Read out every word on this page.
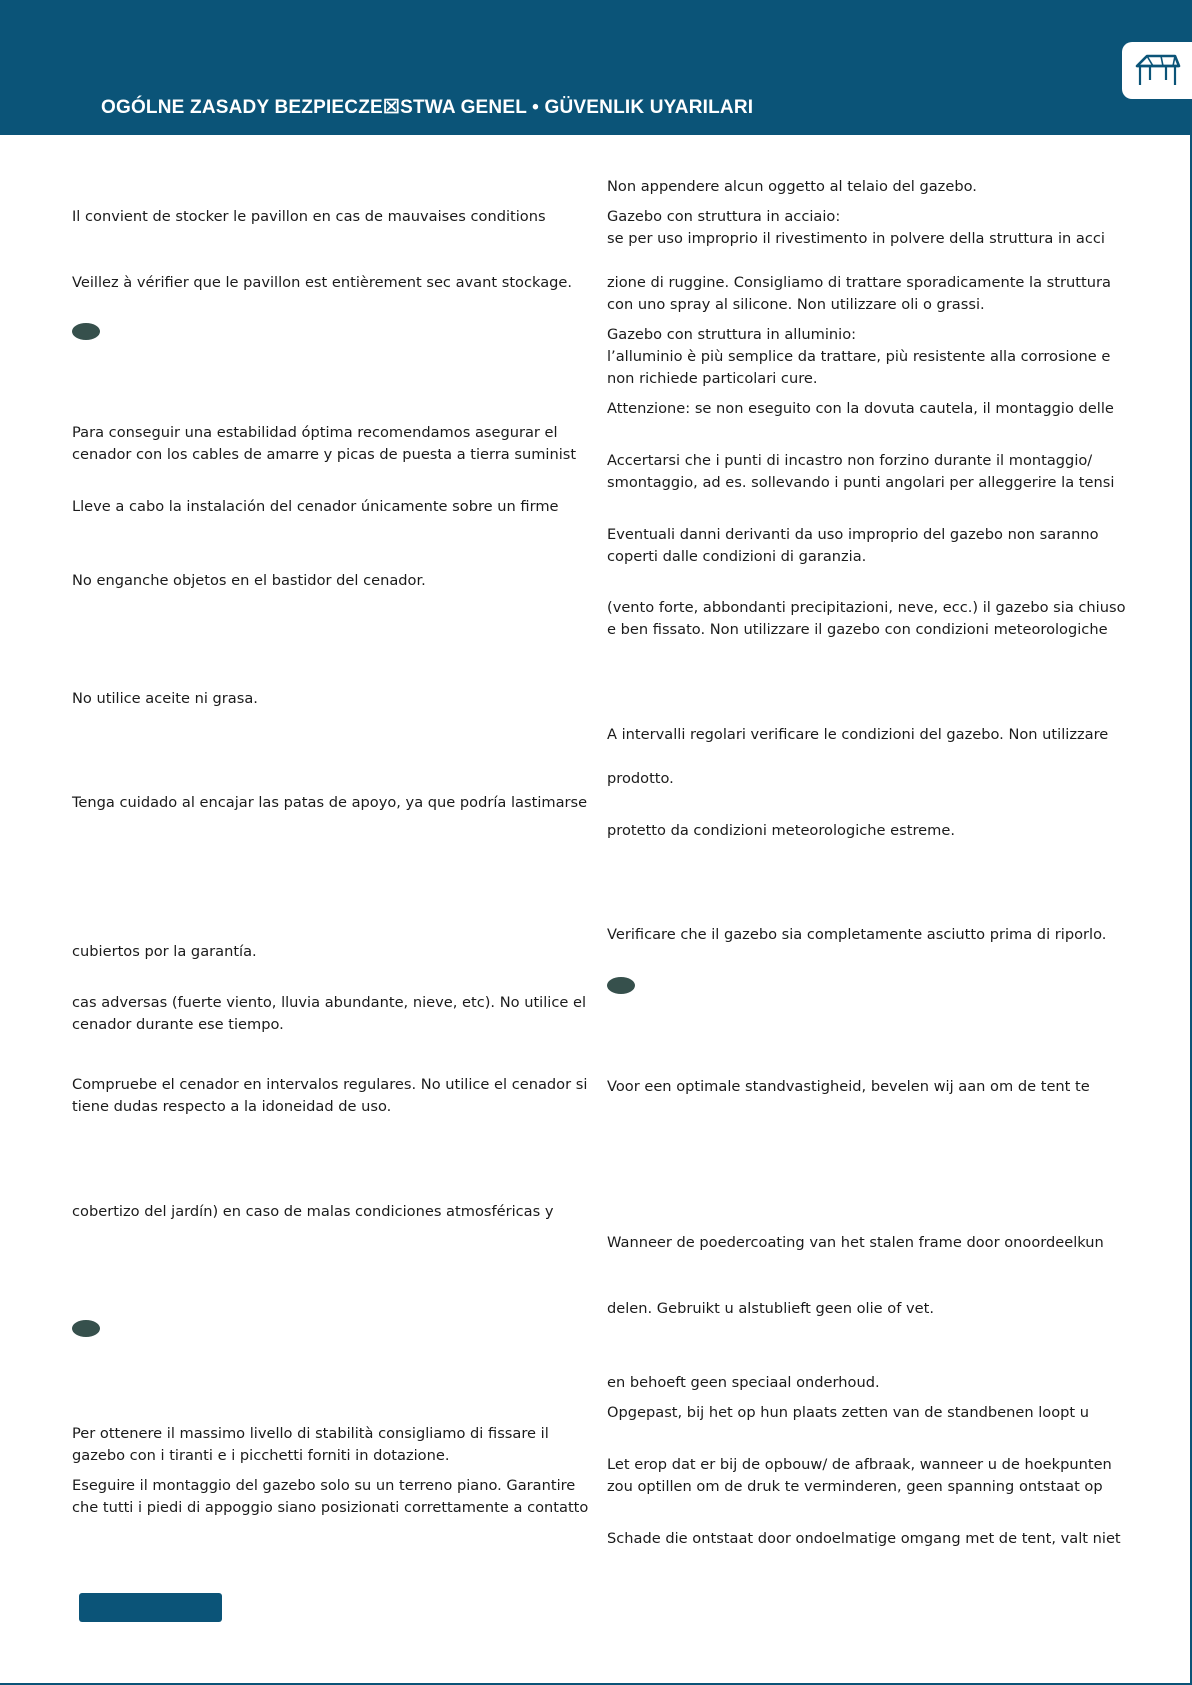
OGÓLNE ZASADY BEZPIECZE☒STWA GENEL • GÜVENLIK UYARILARI
Il convient de stocker le pavillon en cas de mauvaises conditions
Veillez à vérifier que le pavillon est entièrement sec avant stockage.
Para conseguir una estabilidad óptima recomendamos asegurar el
cenador con los cables de amarre y picas de puesta a tierra suminist
Lleve a cabo la instalación del cenador únicamente sobre un firme
No enganche objetos en el bastidor del cenador.
No utilice aceite ni grasa.
Tenga cuidado al encajar las patas de apoyo, ya que podría lastimarse
cubiertos por la garantía.
cas adversas (fuerte viento, lluvia abundante, nieve, etc). No utilice el
cenador durante ese tiempo.
Compruebe el cenador en intervalos regulares. No utilice el cenador si
tiene dudas respecto a la idoneidad de uso.
cobertizo del jardín) en caso de malas condiciones atmosféricas y
Per ottenere il massimo livello di stabilità consigliamo di fissare il
gazebo con i tiranti e i picchetti forniti in dotazione.
Eseguire il montaggio del gazebo solo su un terreno piano. Garantire
che tutti i piedi di appoggio siano posizionati correttamente a contatto
Non appendere alcun oggetto al telaio del gazebo.
Gazebo con struttura in acciaio:
se per uso improprio il rivestimento in polvere della struttura in acci
zione di ruggine. Consigliamo di trattare sporadicamente la struttura
con uno spray al silicone. Non utilizzare oli o grassi.
Gazebo con struttura in alluminio:
l’alluminio è più semplice da trattare, più resistente alla corrosione e
non richiede particolari cure.
Attenzione: se non eseguito con la dovuta cautela, il montaggio delle
Accertarsi che i punti di incastro non forzino durante il montaggio/
smontaggio, ad es. sollevando i punti angolari per alleggerire la tensi
Eventuali danni derivanti da uso improprio del gazebo non saranno
coperti dalle condizioni di garanzia.
(vento forte, abbondanti precipitazioni, neve, ecc.) il gazebo sia chiuso
e ben fissato. Non utilizzare il gazebo con condizioni meteorologiche
A intervalli regolari verificare le condizioni del gazebo. Non utilizzare
prodotto.
protetto da condizioni meteorologiche estreme.
Verificare che il gazebo sia completamente asciutto prima di riporlo.
Voor een optimale standvastigheid, bevelen wij aan om de tent te
Wanneer de poedercoating van het stalen frame door onoordeelkun
delen. Gebruikt u alstublieft geen olie of vet.
en behoeft geen speciaal onderhoud.
Opgepast, bij het op hun plaats zetten van de standbenen loopt u
Let erop dat er bij de opbouw/ de afbraak, wanneer u de hoekpunten
zou optillen om de druk te verminderen, geen spanning ontstaat op
Schade die ontstaat door ondoelmatige omgang met de tent, valt niet
